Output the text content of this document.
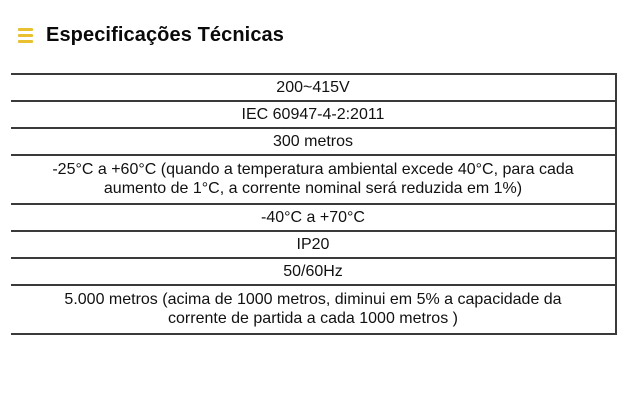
Especificações Técnicas
200~415V
IEC 60947-4-2:2011
300 metros

-25°C a +60°C (quando a temperatura ambiental excede 40°C, para cada
aumento de 1°C, a corrente nominal será reduzida em 1%)

-40°C a +70°C
IP20
50/60Hz

5.000 metros (acima de 1000 metros, diminui em 5% a capacidade da
corrente de partida a cada 1000 metros )
